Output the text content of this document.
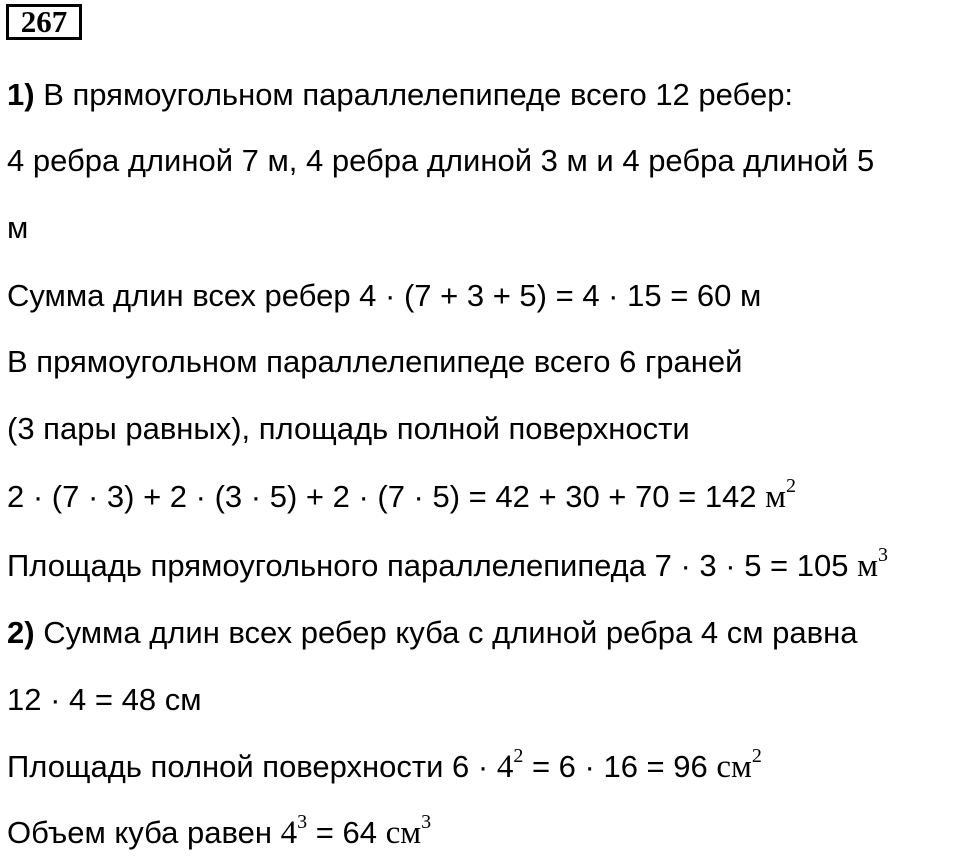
267
1) В прямоугольном параллелепипеде всего 12 ребер:
4 ребра длиной 7 м, 4 ребра длиной 3 м и 4 ребра длиной 5
м
Сумма длин всех ребер 4 · (7 + 3 + 5) = 4 · 15 = 60 м
В прямоугольном параллелепипеде всего 6 граней
(3 пары равных), площадь полной поверхности
2 · (7 · 3) + 2 · (3 · 5) + 2 · (7 · 5) = 42 + 30 + 70 = 142 $м^2$
Площадь прямоугольного параллелепипеда 7 · 3 · 5 = 105 $м^3$
2) Сумма длин всех ребер куба с длиной ребра 4 см равна
12 · 4 = 48 см
Площадь полной поверхности $6 \cdot 4^2 = 6 \cdot 16 = 96$ $см^2$
Объем куба равен $4^3 = 64$ $см^3$
